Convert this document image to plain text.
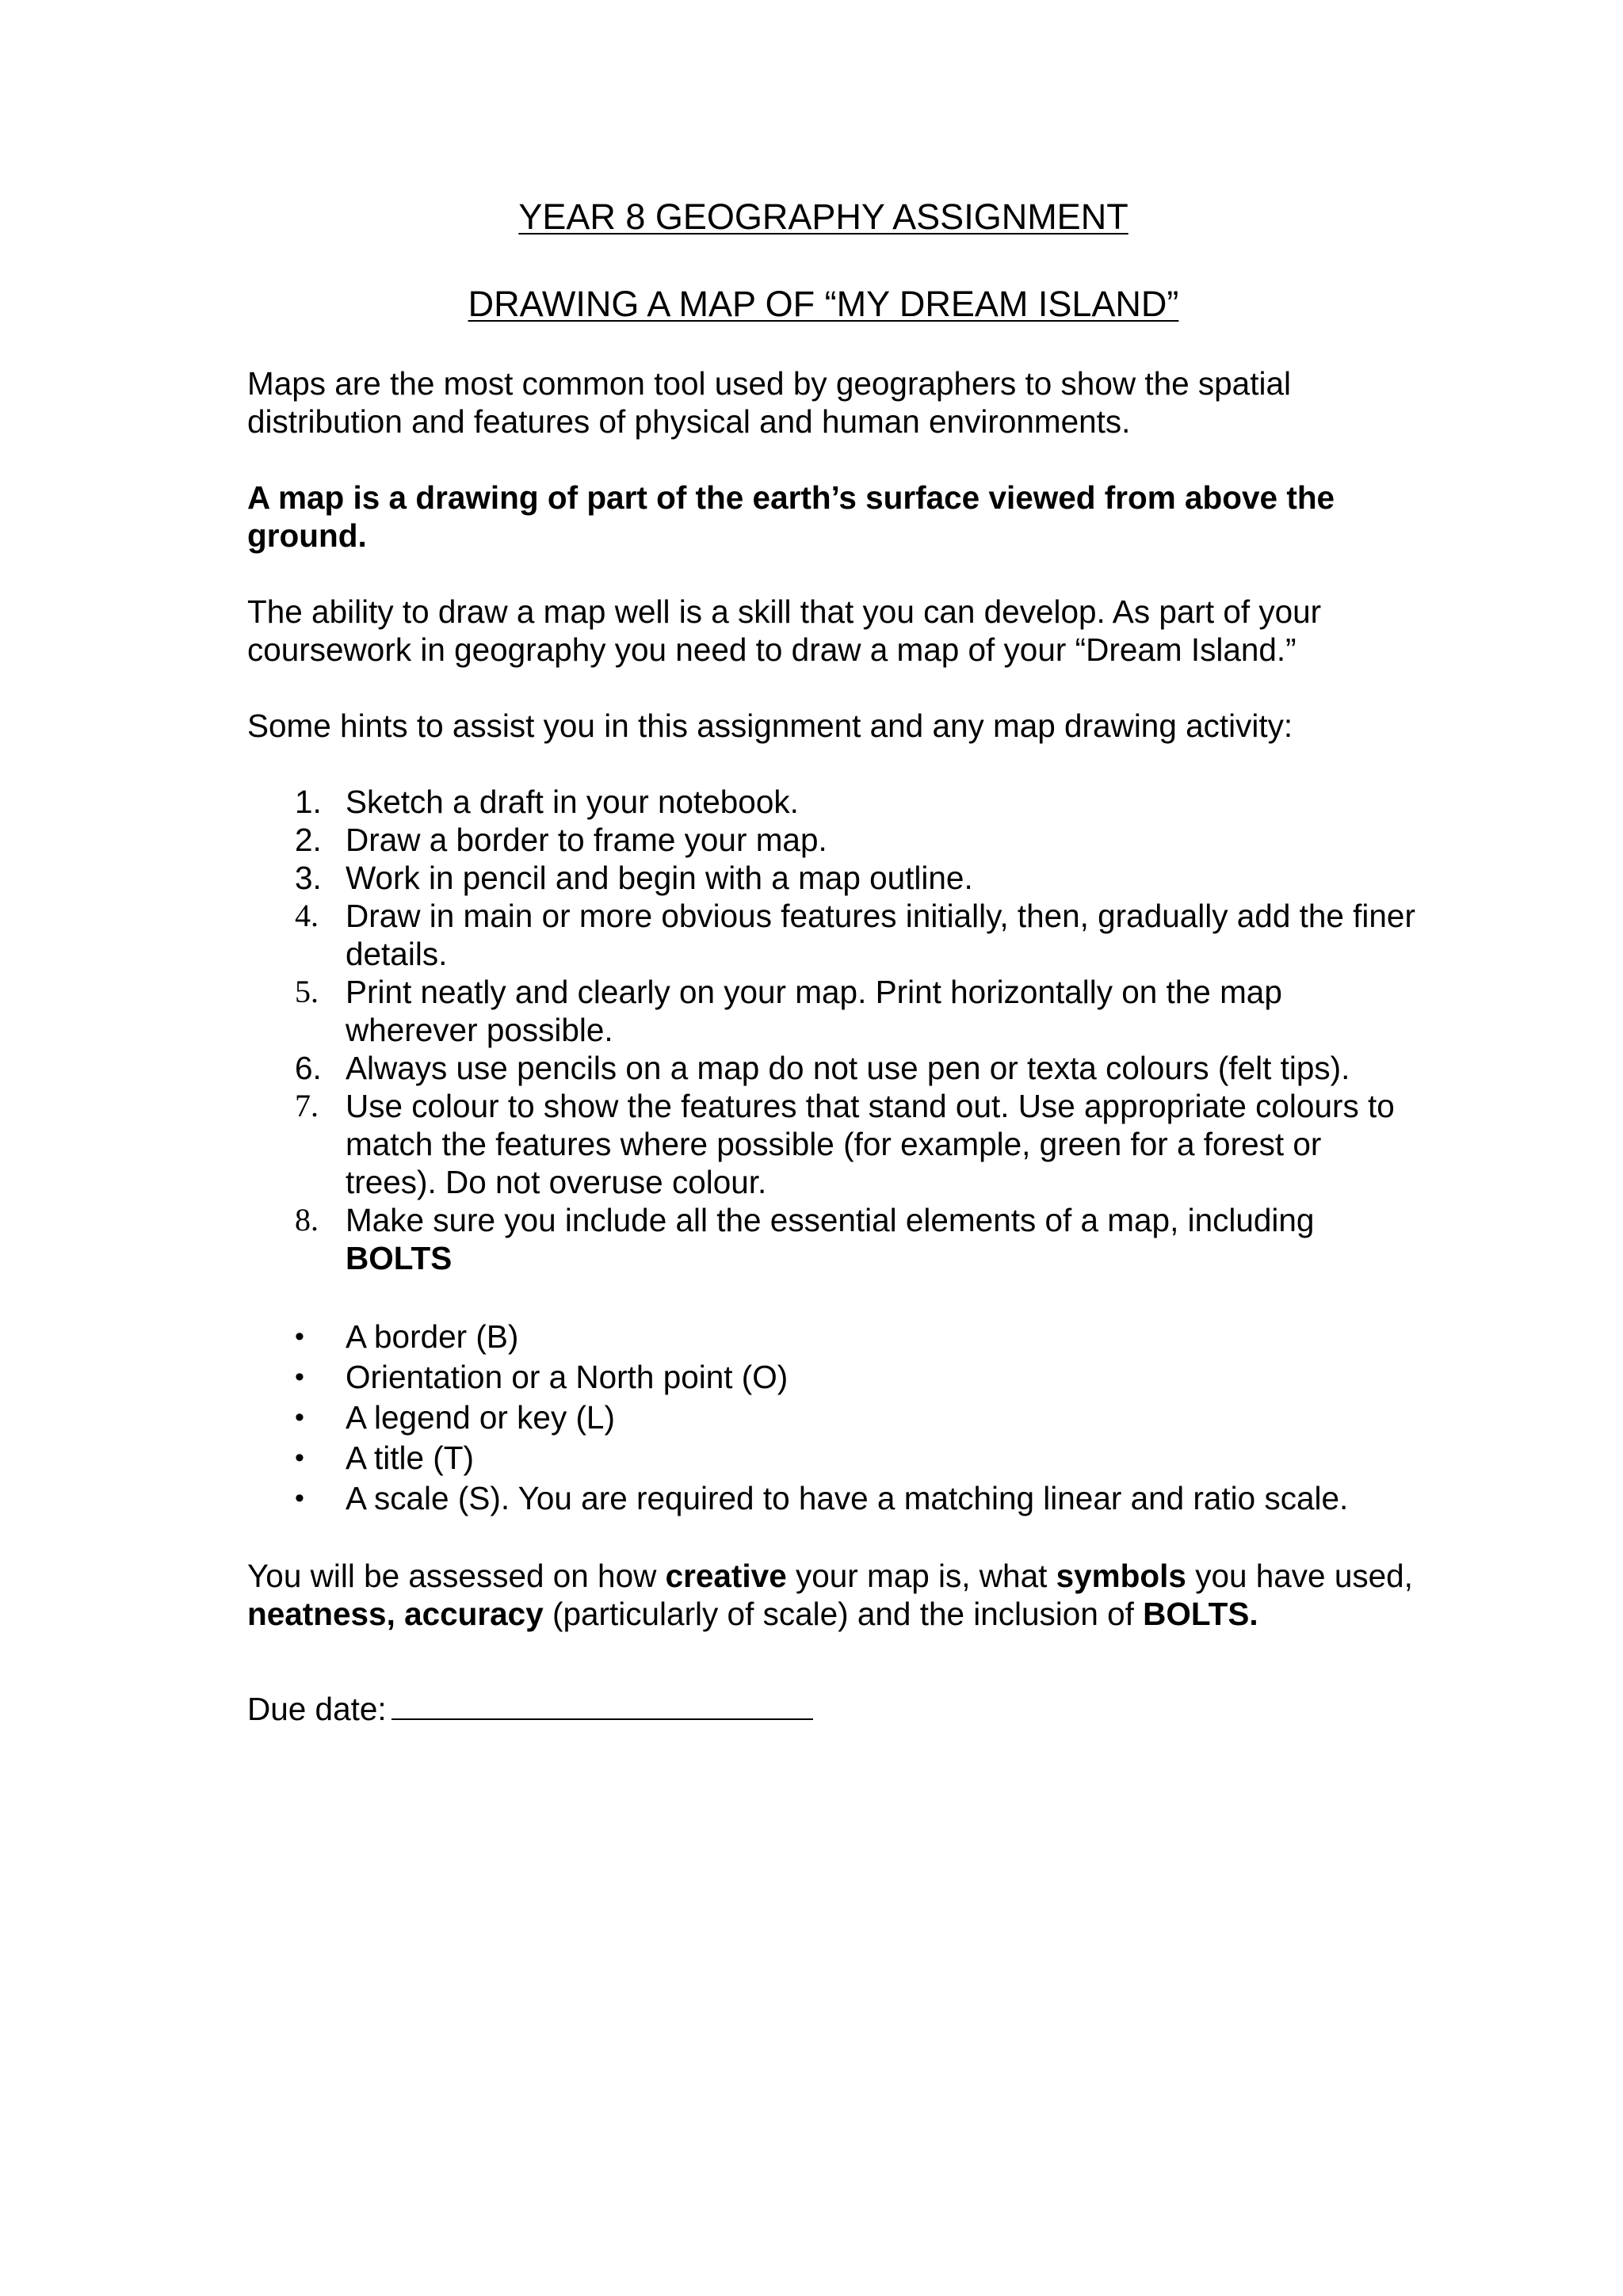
YEAR 8 GEOGRAPHY ASSIGNMENT
DRAWING A MAP OF “MY DREAM ISLAND”

Maps are the most common tool used by geographers to show the spatial distribution and features of physical and human environments.

A map is a drawing of part of the earth’s surface viewed from above the ground.

The ability to draw a map well is a skill that you can develop. As part of your coursework in geography you need to draw a map of your “Dream Island.”

Some hints to assist you in this assignment and any map drawing activity:

1. Sketch a draft in your notebook.
2. Draw a border to frame your map.
3. Work in pencil and begin with a map outline.
4. Draw in main or more obvious features initially, then, gradually add the finer details.
5. Print neatly and clearly on your map. Print horizontally on the map wherever possible.
6. Always use pencils on a map do not use pen or texta colours (felt tips).
7. Use colour to show the features that stand out. Use appropriate colours to match the features where possible (for example, green for a forest or trees). Do not overuse colour.
8. Make sure you include all the essential elements of a map, including
BOLTS
• A border (B)
• Orientation or a North point (O)
• A legend or key (L)
• A title (T)
• A scale (S). You are required to have a matching linear and ratio scale.

You will be assessed on how creative your map is, what symbols you have used, neatness, accuracy (particularly of scale) and the inclusion of BOLTS.

Due date:
